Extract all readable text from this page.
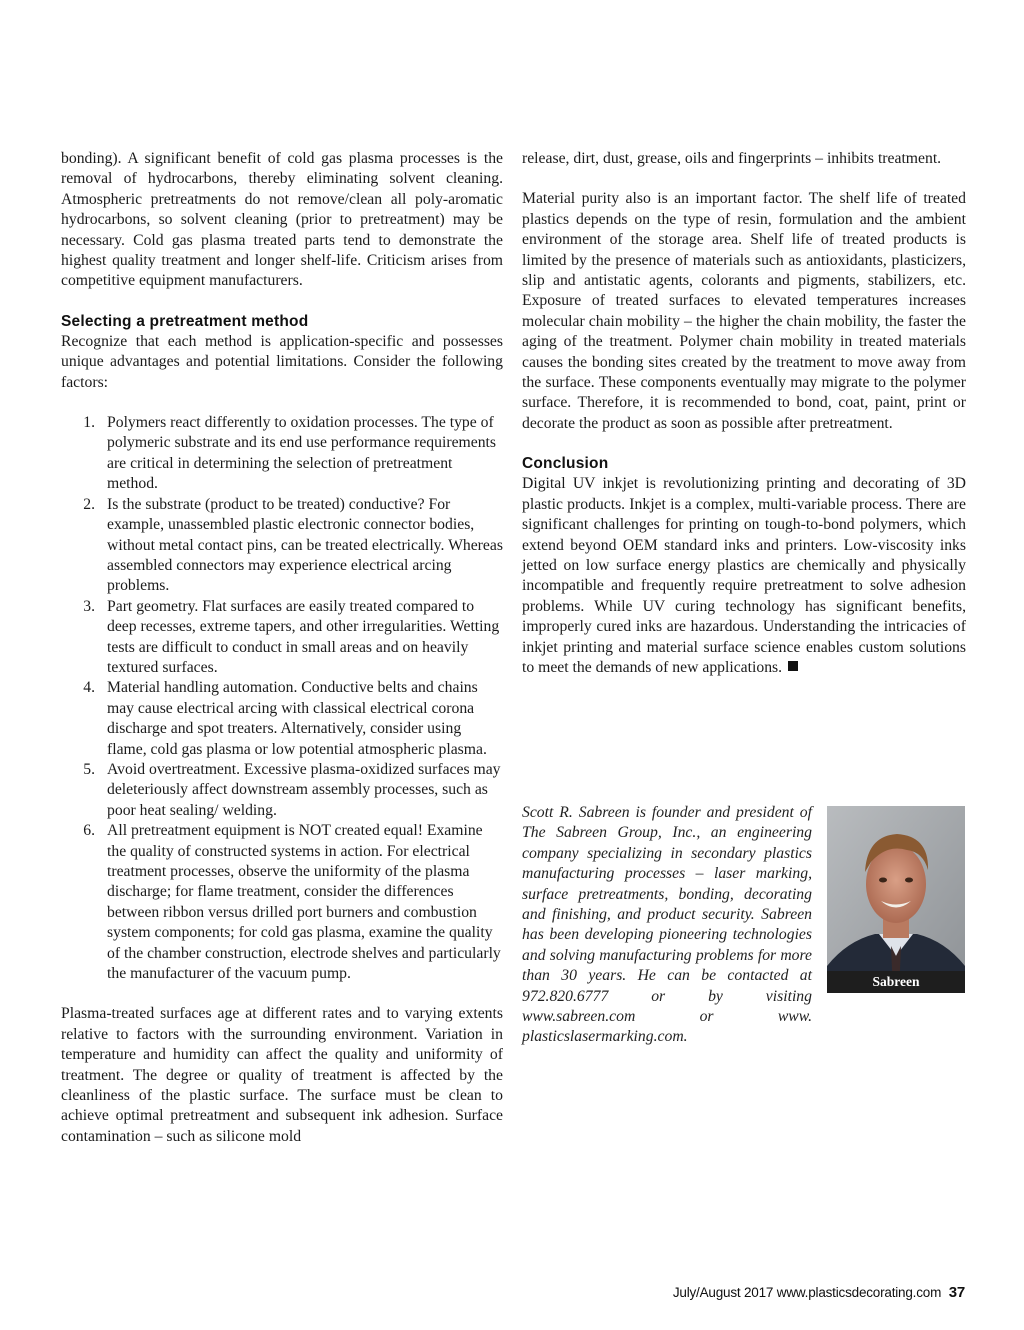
bonding). A significant benefit of cold gas plasma processes is the removal of hydrocarbons, thereby eliminating solvent cleaning. Atmospheric pretreatments do not remove/clean all poly-aromatic hydrocarbons, so solvent cleaning (prior to pretreatment) may be necessary. Cold gas plasma treated parts tend to demonstrate the highest quality treatment and longer shelf-life. Criticism arises from competitive equipment manufacturers.

Selecting a pretreatment method

Recognize that each method is application-specific and possesses unique advantages and potential limitations. Consider the following factors:

1. Polymers react differently to oxidation processes. The type of polymeric substrate and its end use performance requirements are critical in determining the selection of pretreatment method.
2. Is the substrate (product to be treated) conductive? For example, unassembled plastic electronic connector bodies, without metal contact pins, can be treated electrically. Whereas assembled connectors may experience electrical arcing problems.
3. Part geometry. Flat surfaces are easily treated compared to deep recesses, extreme tapers, and other irregularities. Wetting tests are difficult to conduct in small areas and on heavily textured surfaces.
4. Material handling automation. Conductive belts and chains may cause electrical arcing with classical electrical corona discharge and spot treaters. Alternatively, consider using flame, cold gas plasma or low potential atmospheric plasma.
5. Avoid overtreatment. Excessive plasma-oxidized surfaces may deleteriously affect downstream assembly processes, such as poor heat sealing/ welding.
6. All pretreatment equipment is NOT created equal! Examine the quality of constructed systems in action. For electrical treatment processes, observe the uniformity of the plasma discharge; for flame treatment, consider the differences between ribbon versus drilled port burners and combustion system components; for cold gas plasma, examine the quality of the chamber construction, electrode shelves and particularly the manufacturer of the vacuum pump.

Plasma-treated surfaces age at different rates and to varying extents relative to factors with the surrounding environment. Variation in temperature and humidity can affect the quality and uniformity of treatment. The degree or quality of treatment is affected by the cleanliness of the plastic surface. The surface must be clean to achieve optimal pretreatment and subsequent ink adhesion. Surface contamination – such as silicone mold

release, dirt, dust, grease, oils and fingerprints – inhibits treatment.

Material purity also is an important factor. The shelf life of treated plastics depends on the type of resin, formulation and the ambient environment of the storage area. Shelf life of treated products is limited by the presence of materials such as antioxidants, plasticizers, slip and antistatic agents, colorants and pigments, stabilizers, etc. Exposure of treated surfaces to elevated temperatures increases molecular chain mobility – the higher the chain mobility, the faster the aging of the treatment. Polymer chain mobility in treated materials causes the bonding sites created by the treatment to move away from the surface. These components eventually may migrate to the polymer surface. Therefore, it is recommended to bond, coat, paint, print or decorate the product as soon as possible after pretreatment.

Conclusion

Digital UV inkjet is revolutionizing printing and decorating of 3D plastic products. Inkjet is a complex, multi-variable process. There are significant challenges for printing on tough-to-bond polymers, which extend beyond OEM standard inks and printers. Low-viscosity inks jetted on low surface energy plastics are chemically and physically incompatible and frequently require pretreatment to solve adhesion problems. While UV curing technology has significant benefits, improperly cured inks are hazardous. Understanding the intricacies of inkjet printing and material surface science enables custom solutions to meet the demands of new applications.

Scott R. Sabreen is founder and president of The Sabreen Group, Inc., an engineering company specializing in secondary plastics manufacturing processes – laser marking, surface pretreatments, bonding, decorating and finishing, and product security. Sabreen has been developing pioneering technologies and solving manufacturing problems for more than 30 years. He can be contacted at 972.820.6777 or by visiting www.sabreen.com or www. plasticslasermarking.com.

Sabreen
July/August 2017 www.plasticsdecorating.com 37
